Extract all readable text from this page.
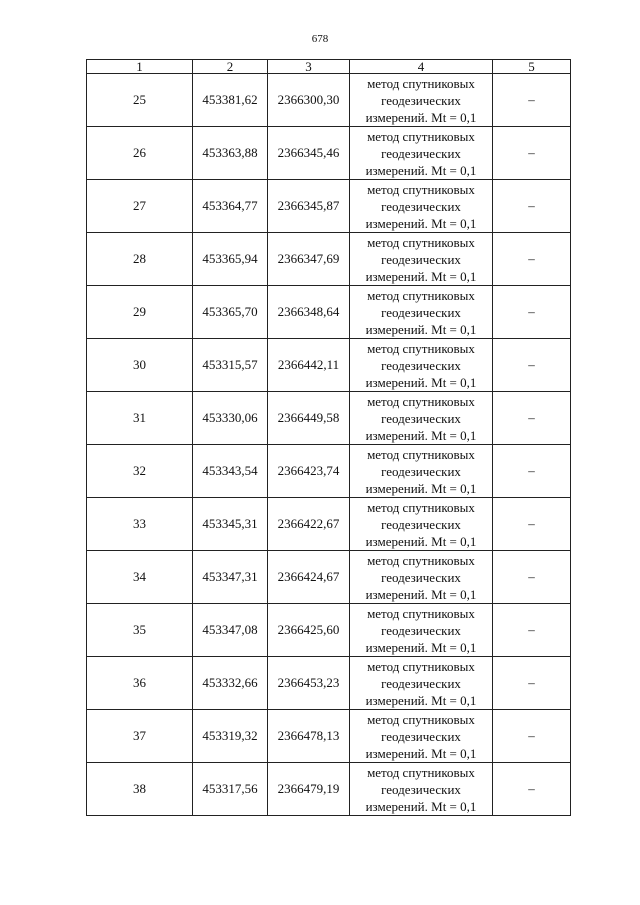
678
1	2	3	4	5
25	453381,62	2366300,30	метод спутниковых
геодезических
измерений. Mt = 0,1	–
26	453363,88	2366345,46	метод спутниковых
геодезических
измерений. Mt = 0,1	–
27	453364,77	2366345,87	метод спутниковых
геодезических
измерений. Mt = 0,1	–
28	453365,94	2366347,69	метод спутниковых
геодезических
измерений. Mt = 0,1	–
29	453365,70	2366348,64	метод спутниковых
геодезических
измерений. Mt = 0,1	–
30	453315,57	2366442,11	метод спутниковых
геодезических
измерений. Mt = 0,1	–
31	453330,06	2366449,58	метод спутниковых
геодезических
измерений. Mt = 0,1	–
32	453343,54	2366423,74	метод спутниковых
геодезических
измерений. Mt = 0,1	–
33	453345,31	2366422,67	метод спутниковых
геодезических
измерений. Mt = 0,1	–
34	453347,31	2366424,67	метод спутниковых
геодезических
измерений. Mt = 0,1	–
35	453347,08	2366425,60	метод спутниковых
геодезических
измерений. Mt = 0,1	–
36	453332,66	2366453,23	метод спутниковых
геодезических
измерений. Mt = 0,1	–
37	453319,32	2366478,13	метод спутниковых
геодезических
измерений. Mt = 0,1	–
38	453317,56	2366479,19	метод спутниковых
геодезических
измерений. Mt = 0,1	–
